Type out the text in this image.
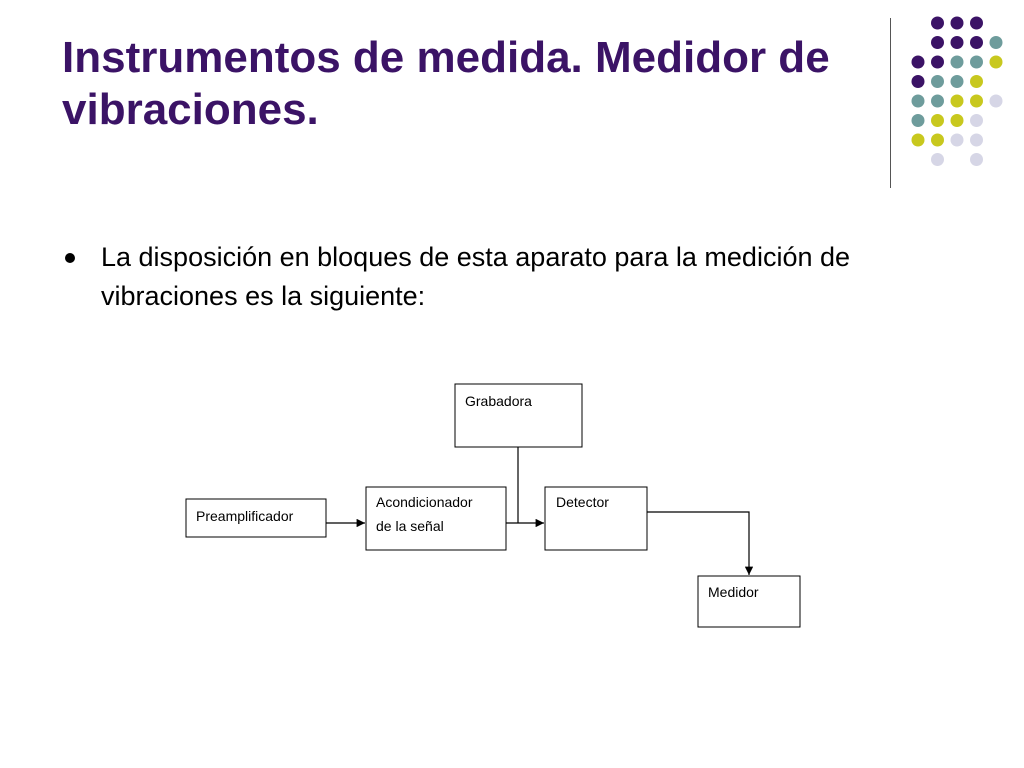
Instrumentos de medida. Medidor de vibraciones.
La disposición en bloques de esta aparato para la medición de vibraciones es la siguiente:
Grabadora
Preamplificador
Acondicionador
de la señal
Detector
Medidor
